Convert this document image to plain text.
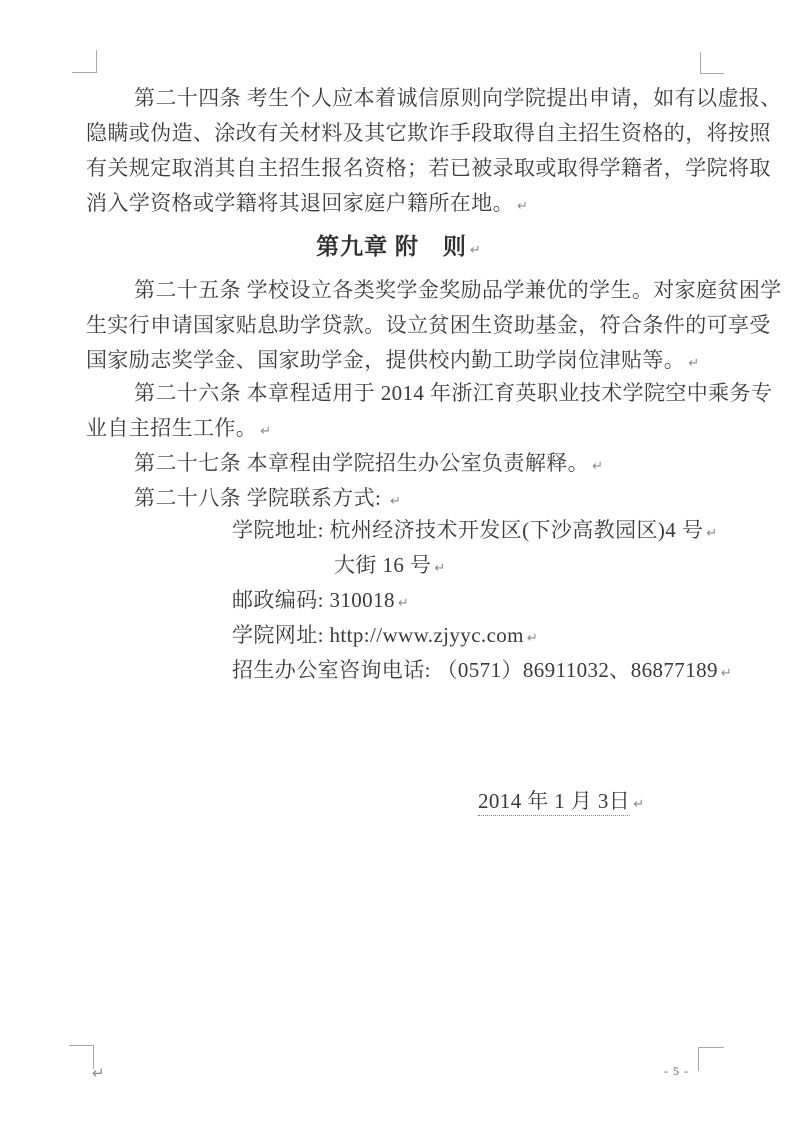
第二十四条 考生个人应本着诚信原则向学院提出申请，如有以虚报、
隐瞒或伪造、涂改有关材料及其它欺诈手段取得自主招生资格的，将按照
有关规定取消其自主招生报名资格；若已被录取或取得学籍者，学院将取
消入学资格或学籍将其退回家庭户籍所在地。 ↵
第九章 附　则 ↵
第二十五条 学校设立各类奖学金奖励品学兼优的学生。对家庭贫困学
生实行申请国家贴息助学贷款。设立贫困生资助基金，符合条件的可享受
国家励志奖学金、国家助学金，提供校内勤工助学岗位津贴等。 ↵
第二十六条 本章程适用于 2014 年浙江育英职业技术学院空中乘务专
业自主招生工作。 ↵
第二十七条 本章程由学院招生办公室负责解释。 ↵
第二十八条 学院联系方式: ↵
学院地址: 杭州经济技术开发区(下沙高教园区)4 号 ↵
大街 16 号 ↵
邮政编码: 310018 ↵
学院网址: http://www.zjyyc.com ↵
招生办公室咨询电话: （0571）86911032、86877189 ↵
2014 年 1 月 3日 ↵
↵	- 5 -
